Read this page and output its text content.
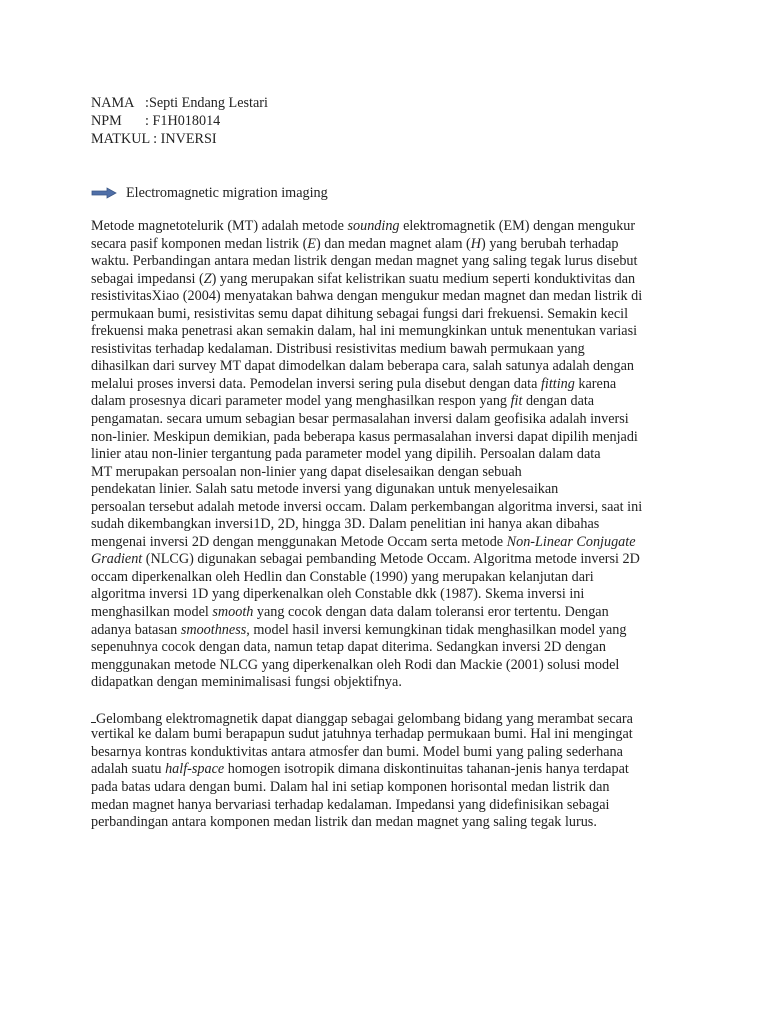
NAMA :Septi Endang Lestari
NPM : F1H018014
MATKUL : INVERSI
Electromagnetic migration imaging
Metode magnetotelurik (MT) adalah metode sounding elektromagnetik (EM) dengan mengukur
secara pasif komponen medan listrik (E) dan medan magnet alam (H) yang berubah terhadap
waktu. Perbandingan antara medan listrik dengan medan magnet yang saling tegak lurus disebut
sebagai impedansi (Z) yang merupakan sifat kelistrikan suatu medium seperti konduktivitas dan
resistivitasXiao (2004) menyatakan bahwa dengan mengukur medan magnet dan medan listrik di
permukaan bumi, resistivitas semu dapat dihitung sebagai fungsi dari frekuensi. Semakin kecil
frekuensi maka penetrasi akan semakin dalam, hal ini memungkinkan untuk menentukan variasi
resistivitas terhadap kedalaman. Distribusi resistivitas medium bawah permukaan yang
dihasilkan dari survey MT dapat dimodelkan dalam beberapa cara, salah satunya adalah dengan
melalui proses inversi data. Pemodelan inversi sering pula disebut dengan data fitting karena
dalam prosesnya dicari parameter model yang menghasilkan respon yang fit dengan data
pengamatan. secara umum sebagian besar permasalahan inversi dalam geofisika adalah inversi
non-linier. Meskipun demikian, pada beberapa kasus permasalahan inversi dapat dipilih menjadi
linier atau non-linier tergantung pada parameter model yang dipilih. Persoalan dalam data
MT merupakan persoalan non-linier yang dapat diselesaikan dengan sebuah
pendekatan linier. Salah satu metode inversi yang digunakan untuk menyelesaikan
persoalan tersebut adalah metode inversi occam. Dalam perkembangan algoritma inversi, saat ini
sudah dikembangkan inversi1D, 2D, hingga 3D. Dalam penelitian ini hanya akan dibahas
mengenai inversi 2D dengan menggunakan Metode Occam serta metode Non-Linear Conjugate
Gradient (NLCG) digunakan sebagai pembanding Metode Occam. Algoritma metode inversi 2D
occam diperkenalkan oleh Hedlin dan Constable (1990) yang merupakan kelanjutan dari
algoritma inversi 1D yang diperkenalkan oleh Constable dkk (1987). Skema inversi ini
menghasilkan model smooth yang cocok dengan data dalam toleransi eror tertentu. Dengan
adanya batasan smoothness, model hasil inversi kemungkinan tidak menghasilkan model yang
sepenuhnya cocok dengan data, namun tetap dapat diterima. Sedangkan inversi 2D dengan
menggunakan metode NLCG yang diperkenalkan oleh Rodi dan Mackie (2001) solusi model
didapatkan dengan meminimalisasi fungsi objektifnya.
Gelombang elektromagnetik dapat dianggap sebagai gelombang bidang yang merambat secara
vertikal ke dalam bumi berapapun sudut jatuhnya terhadap permukaan bumi. Hal ini mengingat
besarnya kontras konduktivitas antara atmosfer dan bumi. Model bumi yang paling sederhana
adalah suatu half-space homogen isotropik dimana diskontinuitas tahanan-jenis hanya terdapat
pada batas udara dengan bumi. Dalam hal ini setiap komponen horisontal medan listrik dan
medan magnet hanya bervariasi terhadap kedalaman. Impedansi yang didefinisikan sebagai
perbandingan antara komponen medan listrik dan medan magnet yang saling tegak lurus.
